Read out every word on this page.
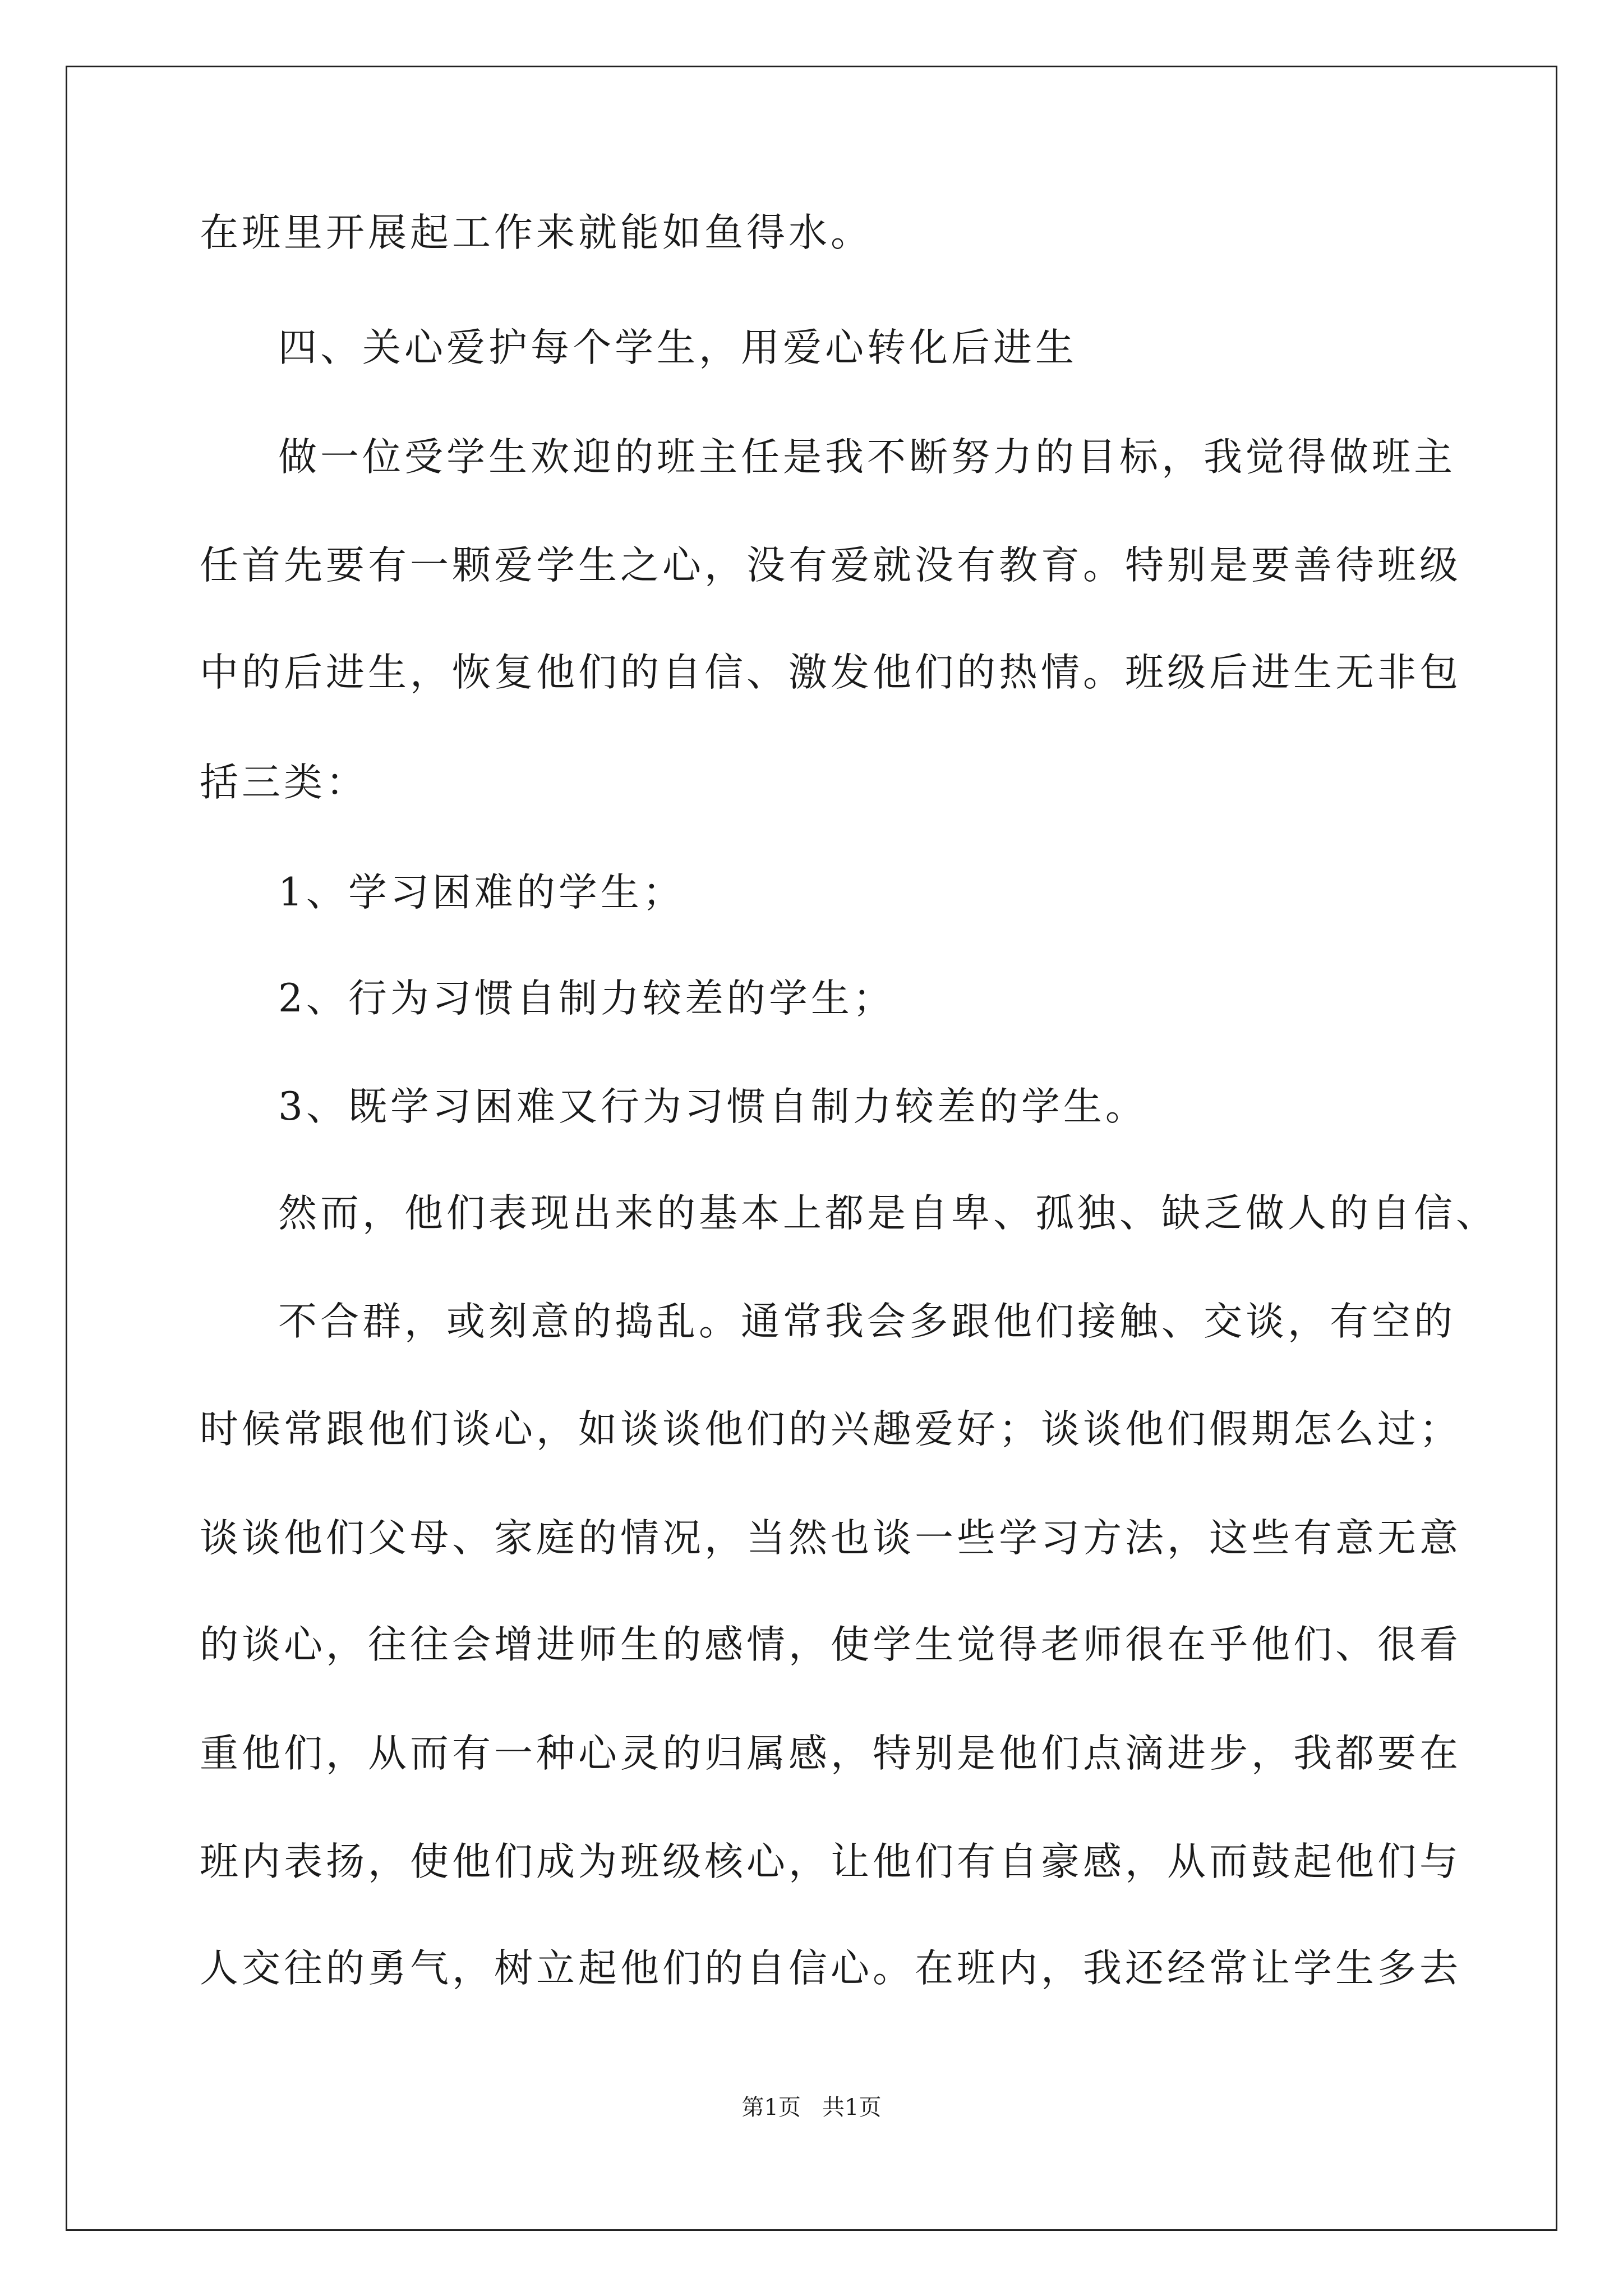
在班里开展起工作来就能如鱼得水。
四、关心爱护每个学生，用爱心转化后进生
做一位受学生欢迎的班主任是我不断努力的目标，我觉得做班主
任首先要有一颗爱学生之心，没有爱就没有教育。特别是要善待班级
中的后进生，恢复他们的自信、激发他们的热情。班级后进生无非包
括三类：
1、学习困难的学生；
2、行为习惯自制力较差的学生；
3、既学习困难又行为习惯自制力较差的学生。
然而，他们表现出来的基本上都是自卑、孤独、缺乏做人的自信、
不合群，或刻意的捣乱。通常我会多跟他们接触、交谈，有空的
时候常跟他们谈心，如谈谈他们的兴趣爱好；谈谈他们假期怎么过；
谈谈他们父母、家庭的情况，当然也谈一些学习方法，这些有意无意
的谈心，往往会增进师生的感情，使学生觉得老师很在乎他们、很看
重他们，从而有一种心灵的归属感，特别是他们点滴进步，我都要在
班内表扬，使他们成为班级核心，让他们有自豪感，从而鼓起他们与
人交往的勇气，树立起他们的自信心。在班内，我还经常让学生多去
第1页   共1页
